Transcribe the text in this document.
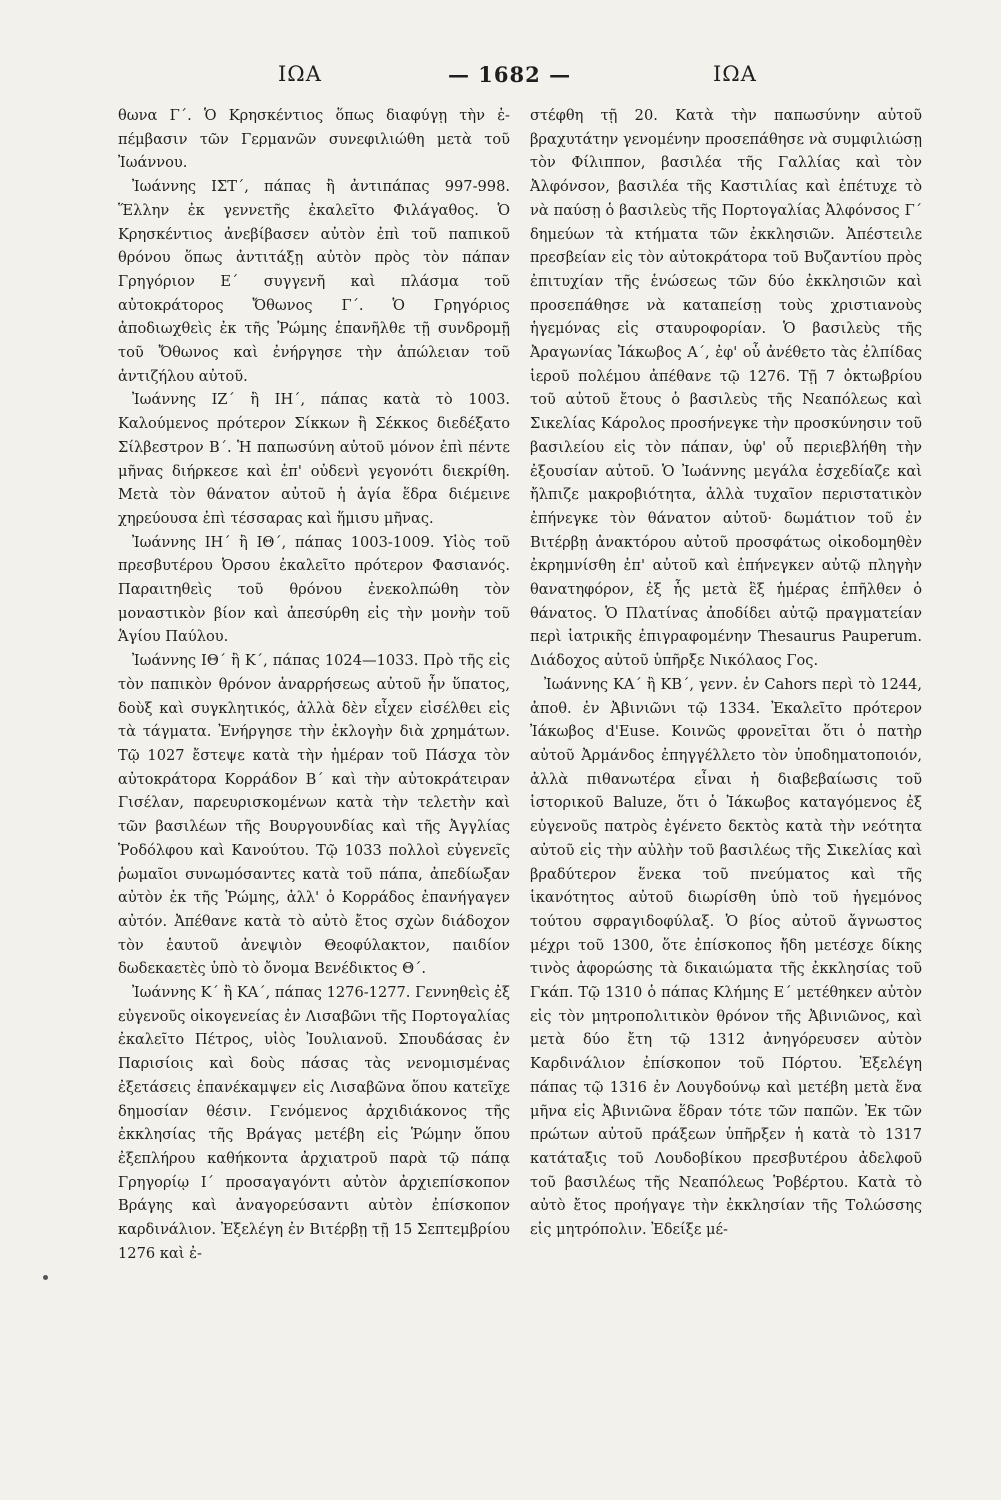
ΙΩΑ	— 1682 —	ΙΩΑ

θωνα Γ΄. Ὁ Κρησκέντιος ὅπως διαφύγῃ τὴν ἐ-πέμβασιν τῶν Γερμανῶν συνεφιλιώθη μετὰ τοῦ Ἰωάννου.

Ἰωάννης ΙΣΤ΄, πάπας ἢ ἀντιπάπας 997-998. Ἕλλην ἐκ γεννετῆς ἐκαλεῖτο Φιλάγαθος. Ὁ Κρησκέντιος ἀνεβίβασεν αὐτὸν ἐπὶ τοῦ παπικοῦ θρόνου ὅπως ἀντιτάξῃ αὐτὸν πρὸς τὸν πάπαν Γρηγόριον Ε΄ συγγενῆ καὶ πλάσμα τοῦ αὐτοκράτορος Ὄθωνος Γ΄. Ὁ Γρηγόριος ἀποδιωχθεὶς ἐκ τῆς Ῥώμης ἐπανῆλθε τῇ συνδρομῇ τοῦ Ὄθωνος καὶ ἐνήργησε τὴν ἀπώλειαν τοῦ ἀντιζήλου αὐτοῦ.

Ἰωάννης ΙΖ΄ ἢ ΙΗ΄, πάπας κατὰ τὸ 1003. Καλούμενος πρότερον Σίκκων ἢ Σέκκος διεδέξατο Σίλβεστρον Β΄. Ἡ παπωσύνη αὐτοῦ μόνον ἐπὶ πέντε μῆνας διήρκεσε καὶ ἐπ' οὐδενὶ γεγονότι διεκρίθη. Μετὰ τὸν θάνατον αὐτοῦ ἡ ἁγία ἕδρα διέμεινε χηρεύουσα ἐπὶ τέσσαρας καὶ ἥμισυ μῆνας.

Ἰωάννης ΙΗ΄ ἢ ΙΘ΄, πάπας 1003-1009. Υἱὸς τοῦ πρεσβυτέρου Ὀρσου ἐκαλεῖτο πρότερον Φασιανός. Παραιτηθεὶς τοῦ θρόνου ἐνεκολπώθη τὸν μοναστικὸν βίον καὶ ἀπεσύρθη εἰς τὴν μονὴν τοῦ Ἁγίου Παύλου.

Ἰωάννης ΙΘ΄ ἢ Κ΄, πάπας 1024—1033. Πρὸ τῆς εἰς τὸν παπικὸν θρόνον ἀναρρήσεως αὐτοῦ ἦν ὕπατος, δοὺξ καὶ συγκλητικός, ἀλλὰ δὲν εἶχεν εἰσέλθει εἰς τὰ τάγματα. Ἐνήργησε τὴν ἐκλογὴν διὰ χρημάτων. Τῷ 1027 ἔστεψε κατὰ τὴν ἡμέραν τοῦ Πάσχα τὸν αὐτοκράτορα Κορράδον Β΄ καὶ τὴν αὐτοκράτειραν Γισέλαν, παρευρισκομένων κατὰ τὴν τελετὴν καὶ τῶν βασιλέων τῆς Βουργουνδίας καὶ τῆς Ἀγγλίας Ῥοδόλφου καὶ Κανούτου. Τῷ 1033 πολλοὶ εὐγενεῖς ῥωμαῖοι συνωμόσαντες κατὰ τοῦ πάπα, ἀπεδίωξαν αὐτὸν ἐκ τῆς Ῥώμης, ἀλλ' ὁ Κορράδος ἐπανήγαγεν αὐτόν. Ἀπέθανε κατὰ τὸ αὐτὸ ἔτος σχὼν διάδοχον τὸν ἑαυτοῦ ἀνεψιὸν Θεοφύλακτον, παιδίον δωδεκαετὲς ὑπὸ τὸ ὄνομα Βενέδικτος Θ΄.

Ἰωάννης Κ΄ ἢ ΚΑ΄, πάπας 1276-1277. Γεννηθεὶς ἐξ εὐγενοῦς οἰκογενείας ἐν Λισαβῶνι τῆς Πορτογαλίας ἐκαλεῖτο Πέτρος, υἱὸς Ἰουλιανοῦ. Σπουδάσας ἐν Παρισίοις καὶ δοὺς πάσας τὰς νενομισμένας ἐξετάσεις ἐπανέκαμψεν εἰς Λισαβῶνα ὅπου κατεῖχε δημοσίαν θέσιν. Γενόμενος ἀρχιδιάκονος τῆς ἐκκλησίας τῆς Βράγας μετέβη εἰς Ῥώμην ὅπου ἐξεπλήρου καθήκοντα ἀρχιατροῦ παρὰ τῷ πάπᾳ Γρηγορίῳ Ι΄ προσαγαγόντι αὐτὸν ἀρχιεπίσκοπον Βράγης καὶ ἀναγορεύσαντι αὐτὸν ἐπίσκοπον καρδινάλιον. Ἐξελέγη ἐν Βιτέρβῃ τῇ 15 Σεπτεμβρίου 1276 καὶ ἐ-

στέφθη τῇ 20. Κατὰ τὴν παπωσύνην αὐτοῦ βραχυτάτην γενομένην προσεπάθησε νὰ συμφιλιώσῃ τὸν Φίλιππον, βασιλέα τῆς Γαλλίας καὶ τὸν Ἀλφόνσον, βασιλέα τῆς Καστιλίας καὶ ἐπέτυχε τὸ νὰ παύσῃ ὁ βασιλεὺς τῆς Πορτογαλίας Ἀλφόνσος Γ΄ δημεύων τὰ κτήματα τῶν ἐκκλησιῶν. Ἀπέστειλε πρεσβείαν εἰς τὸν αὐτοκράτορα τοῦ Βυζαντίου πρὸς ἐπιτυχίαν τῆς ἑνώσεως τῶν δύο ἐκκλησιῶν καὶ προσεπάθησε νὰ καταπείσῃ τοὺς χριστιανοὺς ἡγεμόνας εἰς σταυροφορίαν. Ὁ βασιλεὺς τῆς Ἀραγωνίας Ἰάκωβος Α΄, ἐφ' οὗ ἀνέθετο τὰς ἐλπίδας ἱεροῦ πολέμου ἀπέθανε τῷ 1276. Τῇ 7 ὀκτωβρίου τοῦ αὐτοῦ ἔτους ὁ βασιλεὺς τῆς Νεαπόλεως καὶ Σικελίας Κάρολος προσήνεγκε τὴν προσκύνησιν τοῦ βασιλείου εἰς τὸν πάπαν, ὑφ' οὗ περιεβλήθη τὴν ἐξουσίαν αὐτοῦ. Ὁ Ἰωάννης μεγάλα ἐσχεδίαζε καὶ ἤλπιζε μακροβιότητα, ἀλλὰ τυχαῖον περιστατικὸν ἐπήνεγκε τὸν θάνατον αὐτοῦ· δωμάτιον τοῦ ἐν Βιτέρβῃ ἀνακτόρου αὐτοῦ προσφάτως οἰκοδομηθὲν ἐκρημνίσθη ἐπ' αὐτοῦ καὶ ἐπήνεγκεν αὐτῷ πληγὴν θανατηφόρον, ἐξ ἧς μετὰ ἓξ ἡμέρας ἐπῆλθεν ὁ θάνατος. Ὁ Πλατίνας ἀποδίδει αὐτῷ πραγματείαν περὶ ἰατρικῆς ἐπιγραφομένην Thesaurus Pauperum. Διάδοχος αὐτοῦ ὑπῆρξε Νικόλαος Γος.

Ἰωάννης ΚΑ΄ ἢ ΚΒ΄, γενν. ἐν Cahors περὶ τὸ 1244, ἀποθ. ἐν Ἀβινιῶνι τῷ 1334. Ἐκαλεῖτο πρότερον Ἰάκωβος d'Euse. Κοινῶς φρονεῖται ὅτι ὁ πατὴρ αὐτοῦ Ἀρμάνδος ἐπηγγέλλετο τὸν ὑποδηματοποιόν, ἀλλὰ πιθανωτέρα εἶναι ἡ διαβεβαίωσις τοῦ ἱστορικοῦ Baluze, ὅτι ὁ Ἰάκωβος καταγόμενος ἐξ εὐγενοῦς πατρὸς ἐγένετο δεκτὸς κατὰ τὴν νεότητα αὐτοῦ εἰς τὴν αὐλὴν τοῦ βασιλέως τῆς Σικελίας καὶ βραδύτερον ἕνεκα τοῦ πνεύματος καὶ τῆς ἱκανότητος αὐτοῦ διωρίσθη ὑπὸ τοῦ ἡγεμόνος τούτου σφραγιδοφύλαξ. Ὁ βίος αὐτοῦ ἄγνωστος μέχρι τοῦ 1300, ὅτε ἐπίσκοπος ἤδη μετέσχε δίκης τινὸς ἀφορώσης τὰ δικαιώματα τῆς ἐκκλησίας τοῦ Γκάπ. Τῷ 1310 ὁ πάπας Κλήμης Ε΄ μετέθηκεν αὐτὸν εἰς τὸν μητροπολιτικὸν θρόνον τῆς Ἀβινιῶνος, καὶ μετὰ δύο ἔτη τῷ 1312 ἀνηγόρευσεν αὐτὸν Καρδινάλιον ἐπίσκοπον τοῦ Πόρτου. Ἐξελέγη πάπας τῷ 1316 ἐν Λουγδούνῳ καὶ μετέβη μετὰ ἕνα μῆνα εἰς Ἀβινιῶνα ἕδραν τότε τῶν παπῶν. Ἐκ τῶν πρώτων αὐτοῦ πράξεων ὑπῆρξεν ἡ κατὰ τὸ 1317 κατάταξις τοῦ Λουδοβίκου πρεσβυτέρου ἀδελφοῦ τοῦ βασιλέως τῆς Νεαπόλεως Ῥοβέρτου. Κατὰ τὸ αὐτὸ ἔτος προήγαγε τὴν ἐκκλησίαν τῆς Τολώσσης εἰς μητρόπολιν. Ἐδείξε μέ-
